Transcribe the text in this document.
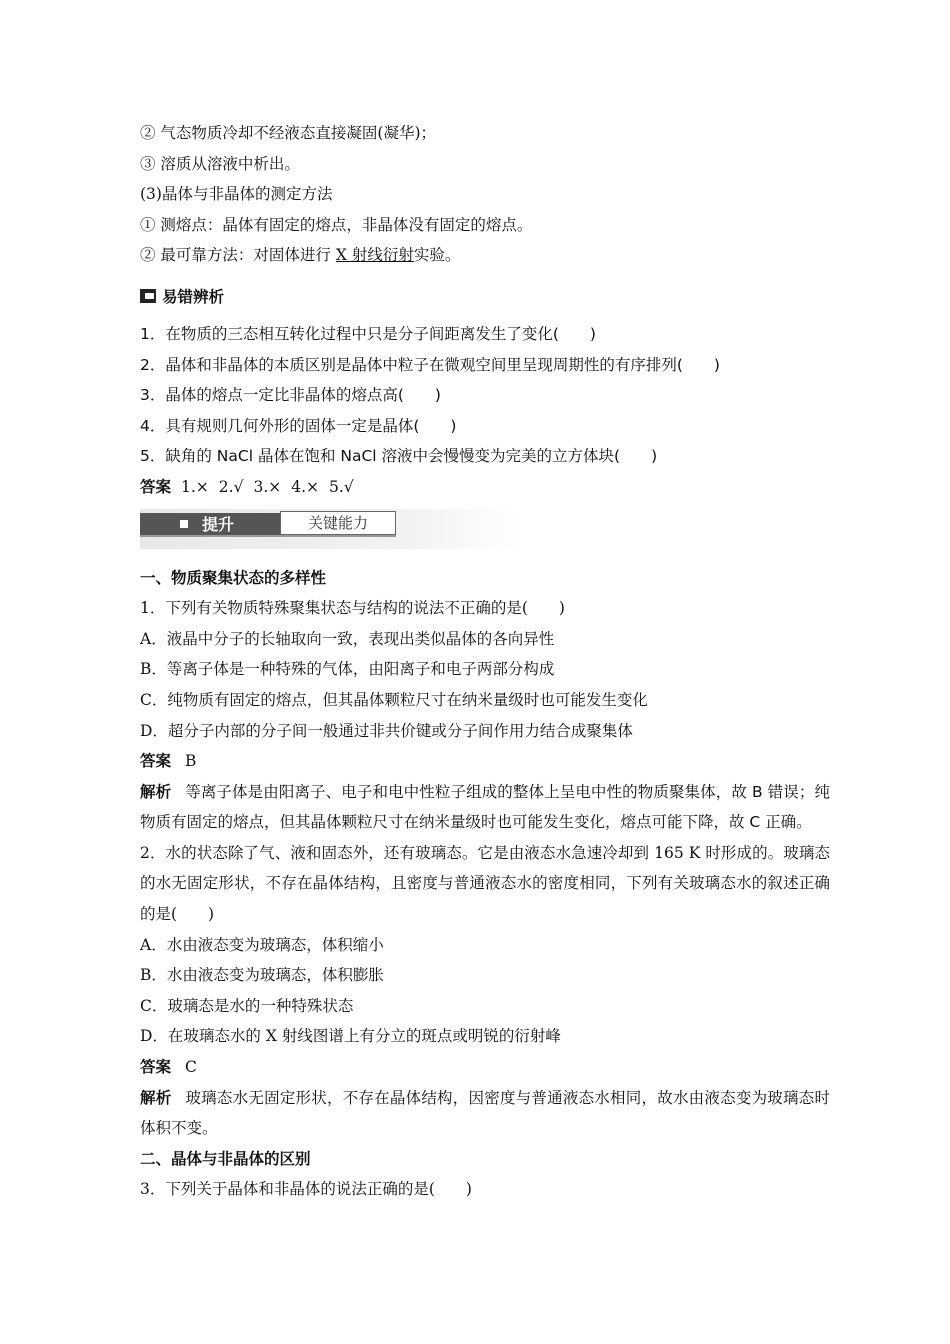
② 气态物质冷却不经液态直接凝固(凝华)；
③ 溶质从溶液中析出。
(3)晶体与非晶体的测定方法
① 测熔点：晶体有固定的熔点，非晶体没有固定的熔点。
② 最可靠方法：对固体进行 X 射线衍射实验。
易错辨析
1．在物质的三态相互转化过程中只是分子间距离发生了变化(　　)
2．晶体和非晶体的本质区别是晶体中粒子在微观空间里呈现周期性的有序排列(　　)
3．晶体的熔点一定比非晶体的熔点高(　　)
4．具有规则几何外形的固体一定是晶体(　　)
5．缺角的 NaCl 晶体在饱和 NaCl 溶液中会慢慢变为完美的立方体块(　　)
答案 1.× 2.√ 3.× 4.× 5.√
提升	关键能力
一、物质聚集状态的多样性
1．下列有关物质特殊聚集状态与结构的说法不正确的是(　　)
A．液晶中分子的长轴取向一致，表现出类似晶体的各向异性
B．等离子体是一种特殊的气体，由阳离子和电子两部分构成
C．纯物质有固定的熔点，但其晶体颗粒尺寸在纳米量级时也可能发生变化
D．超分子内部的分子间一般通过非共价键或分子间作用力结合成聚集体
答案 B
解析 等离子体是由阳离子、电子和电中性粒子组成的整体上呈电中性的物质聚集体，故 B 错误；纯物质有固定的熔点，但其晶体颗粒尺寸在纳米量级时也可能发生变化，熔点可能下降，故 C 正确。
2．水的状态除了气、液和固态外，还有玻璃态。它是由液态水急速冷却到 165 K 时形成的。玻璃态的水无固定形状，不存在晶体结构，且密度与普通液态水的密度相同，下列有关玻璃态水的叙述正确的是(　　)
A．水由液态变为玻璃态，体积缩小
B．水由液态变为玻璃态，体积膨胀
C．玻璃态是水的一种特殊状态
D．在玻璃态水的 X 射线图谱上有分立的斑点或明锐的衍射峰
答案 C
解析 玻璃态水无固定形状，不存在晶体结构，因密度与普通液态水相同，故水由液态变为玻璃态时体积不变。
二、晶体与非晶体的区别
3．下列关于晶体和非晶体的说法正确的是(　　)
